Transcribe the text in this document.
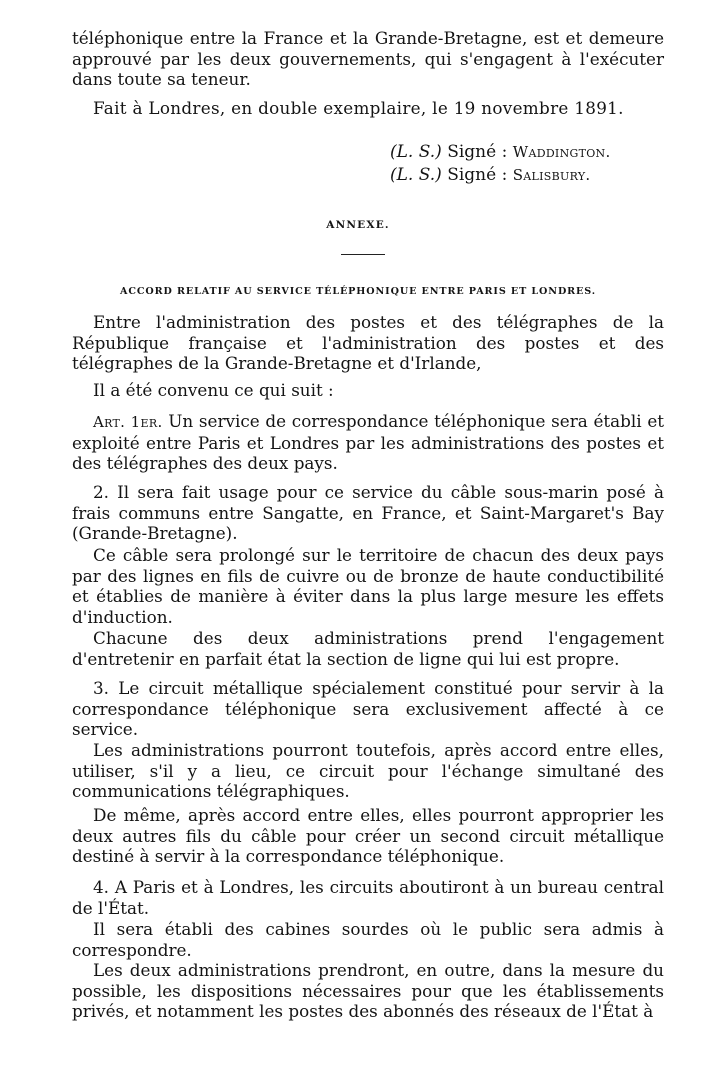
téléphonique entre la France et la Grande-Bretagne, est et demeure approuvé par les deux gouvernements, qui s'engagent à l'exécuter dans toute sa teneur.
Fait à Londres, en double exemplaire, le 19 novembre 1891.
(L. S.) Signé : Waddington.
(L. S.) Signé : Salisbury.
ANNEXE.
ACCORD RELATIF AU SERVICE TÉLÉPHONIQUE ENTRE PARIS ET LONDRES.
Entre l'administration des postes et des télégraphes de la République française et l'administration des postes et des télégraphes de la Grande-Bretagne et d'Irlande,
Il a été convenu ce qui suit :
Art. 1er. Un service de correspondance téléphonique sera établi et exploité entre Paris et Londres par les administrations des postes et des télégraphes des deux pays.
2. Il sera fait usage pour ce service du câble sous-marin posé à frais communs entre Sangatte, en France, et Saint-Margaret's Bay (Grande-Bretagne).
Ce câble sera prolongé sur le territoire de chacun des deux pays par des lignes en fils de cuivre ou de bronze de haute conductibilité et établies de manière à éviter dans la plus large mesure les effets d'induction.
Chacune des deux administrations prend l'engagement d'entretenir en parfait état la section de ligne qui lui est propre.
3. Le circuit métallique spécialement constitué pour servir à la correspondance téléphonique sera exclusivement affecté à ce service.
Les administrations pourront toutefois, après accord entre elles, utiliser, s'il y a lieu, ce circuit pour l'échange simultané des communications télégraphiques.
De même, après accord entre elles, elles pourront approprier les deux autres fils du câble pour créer un second circuit métallique destiné à servir à la correspondance téléphonique.
4. A Paris et à Londres, les circuits aboutiront à un bureau central de l'État.
Il sera établi des cabines sourdes où le public sera admis à correspondre.
Les deux administrations prendront, en outre, dans la mesure du possible, les dispositions nécessaires pour que les établissements privés, et notamment les postes des abonnés des réseaux de l'État à
